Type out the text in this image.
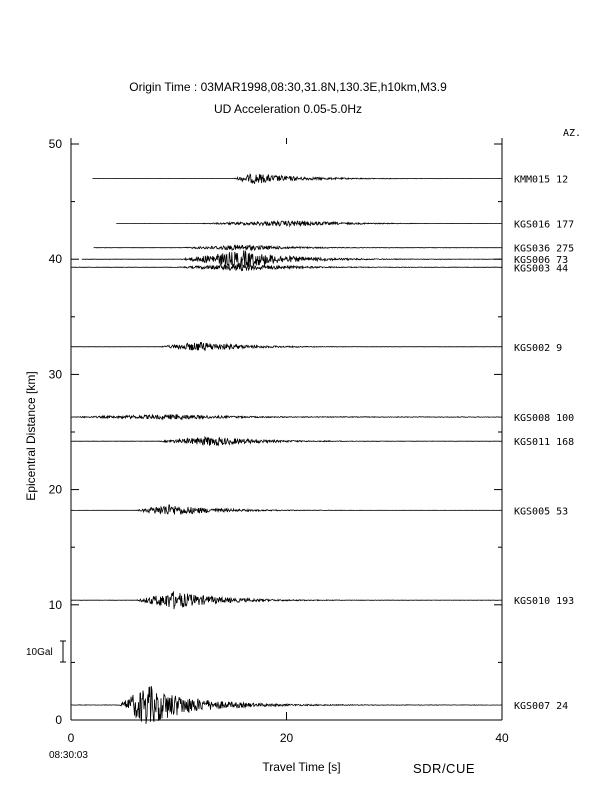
Origin Time : 03MAR1998,08:30,31.8N,130.3E,h10km,M3.9
UD Acceleration 0.05-5.0Hz
0
10
20
30
40
50
0	20	40
Travel Time [s]
Epicentral Distance [km]
AZ.
10Gal
KMM015 12
KGS016 177
KGS036 275
KGS006 73
KGS003 44
KGS002 9
KGS008 100
KGS011 168
KGS005 53
KGS010 193
KGS007 24
08:30:03
SDR/CUE
